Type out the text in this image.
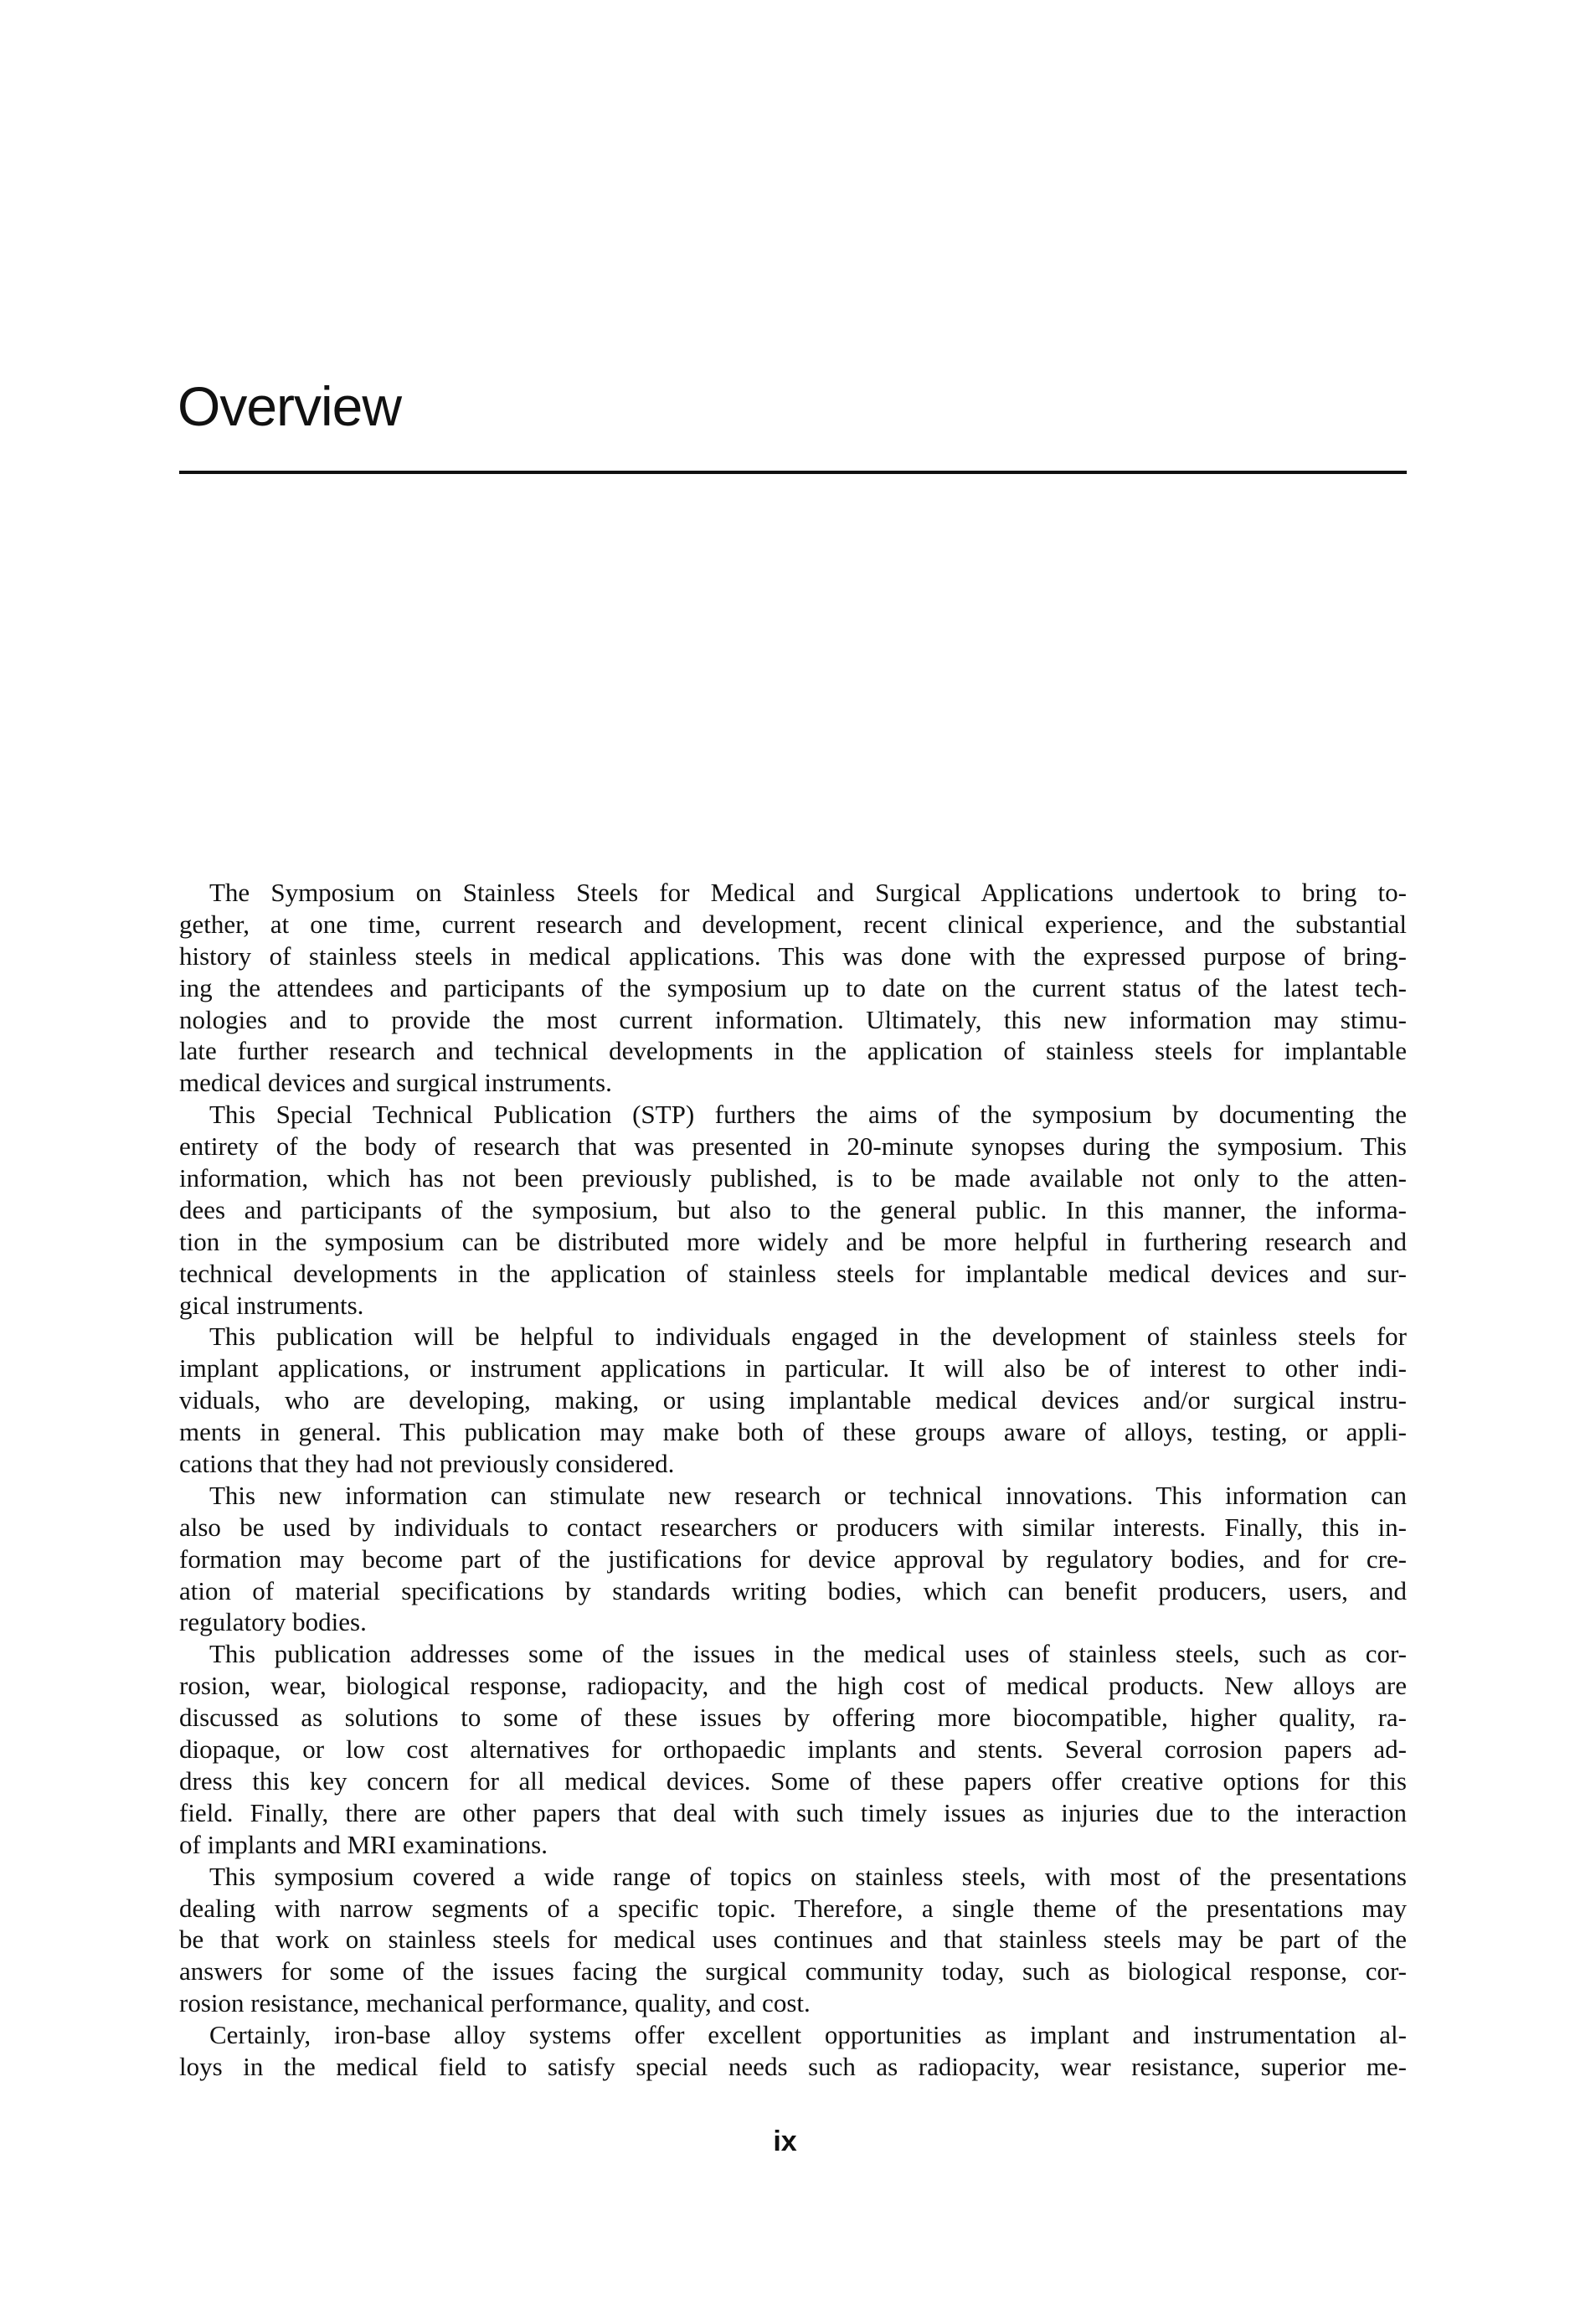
Overview
The Symposium on Stainless Steels for Medical and Surgical Applications undertook to bring to-
gether, at one time, current research and development, recent clinical experience, and the substantial
history of stainless steels in medical applications. This was done with the expressed purpose of bring-
ing the attendees and participants of the symposium up to date on the current status of the latest tech-
nologies and to provide the most current information. Ultimately, this new information may stimu-
late further research and technical developments in the application of stainless steels for implantable
medical devices and surgical instruments.
This Special Technical Publication (STP) furthers the aims of the symposium by documenting the
entirety of the body of research that was presented in 20-minute synopses during the symposium. This
information, which has not been previously published, is to be made available not only to the atten-
dees and participants of the symposium, but also to the general public. In this manner, the informa-
tion in the symposium can be distributed more widely and be more helpful in furthering research and
technical developments in the application of stainless steels for implantable medical devices and sur-
gical instruments.
This publication will be helpful to individuals engaged in the development of stainless steels for
implant applications, or instrument applications in particular. It will also be of interest to other indi-
viduals, who are developing, making, or using implantable medical devices and/or surgical instru-
ments in general. This publication may make both of these groups aware of alloys, testing, or appli-
cations that they had not previously considered.
This new information can stimulate new research or technical innovations. This information can
also be used by individuals to contact researchers or producers with similar interests. Finally, this in-
formation may become part of the justifications for device approval by regulatory bodies, and for cre-
ation of material specifications by standards writing bodies, which can benefit producers, users, and
regulatory bodies.
This publication addresses some of the issues in the medical uses of stainless steels, such as cor-
rosion, wear, biological response, radiopacity, and the high cost of medical products. New alloys are
discussed as solutions to some of these issues by offering more biocompatible, higher quality, ra-
diopaque, or low cost alternatives for orthopaedic implants and stents. Several corrosion papers ad-
dress this key concern for all medical devices. Some of these papers offer creative options for this
field. Finally, there are other papers that deal with such timely issues as injuries due to the interaction
of implants and MRI examinations.
This symposium covered a wide range of topics on stainless steels, with most of the presentations
dealing with narrow segments of a specific topic. Therefore, a single theme of the presentations may
be that work on stainless steels for medical uses continues and that stainless steels may be part of the
answers for some of the issues facing the surgical community today, such as biological response, cor-
rosion resistance, mechanical performance, quality, and cost.
Certainly, iron-base alloy systems offer excellent opportunities as implant and instrumentation al-
loys in the medical field to satisfy special needs such as radiopacity, wear resistance, superior me-
ix
